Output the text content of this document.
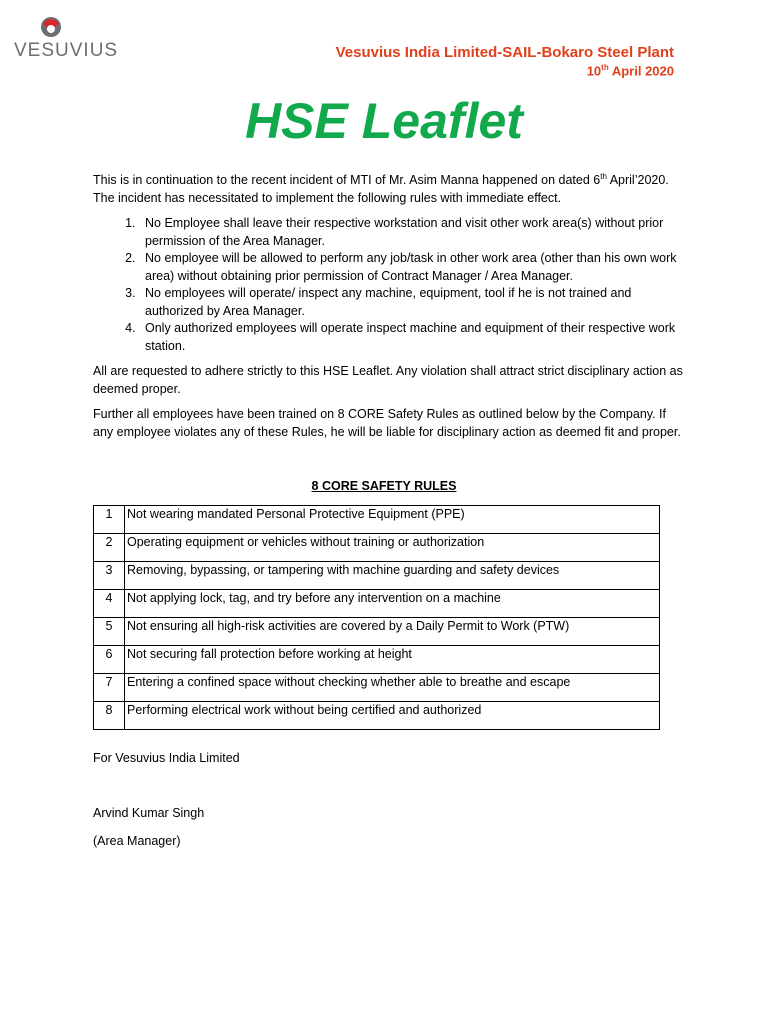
VESUVIUS	Vesuvius India Limited-SAIL-Bokaro Steel Plant
10th April 2020
HSE Leaflet

This is in continuation to the recent incident of MTI of Mr. Asim Manna happened on dated 6th April’2020. The incident has necessitated to implement the following rules with immediate effect.

1. No Employee shall leave their respective workstation and visit other work area(s) without prior permission of the Area Manager.
2. No employee will be allowed to perform any job/task in other work area (other than his own work area) without obtaining prior permission of Contract Manager / Area Manager.
3. No employees will operate/ inspect any machine, equipment, tool if he is not trained and authorized by Area Manager.
4. Only authorized employees will operate inspect machine and equipment of their respective work station.

All are requested to adhere strictly to this HSE Leaflet. Any violation shall attract strict disciplinary action as deemed proper.

Further all employees have been trained on 8 CORE Safety Rules as outlined below by the Company. If any employee violates any of these Rules, he will be liable for disciplinary action as deemed fit and proper.

8 CORE SAFETY RULES
1	Not wearing mandated Personal Protective Equipment (PPE)
2	Operating equipment or vehicles without training or authorization
3	Removing, bypassing, or tampering with machine guarding and safety devices
4	Not applying lock, tag, and try before any intervention on a machine
5	Not ensuring all high-risk activities are covered by a Daily Permit to Work (PTW)
6	Not securing fall protection before working at height
7	Entering a confined space without checking whether able to breathe and escape
8	Performing electrical work without being certified and authorized
For Vesuvius India Limited
Arvind Kumar Singh
(Area Manager)
